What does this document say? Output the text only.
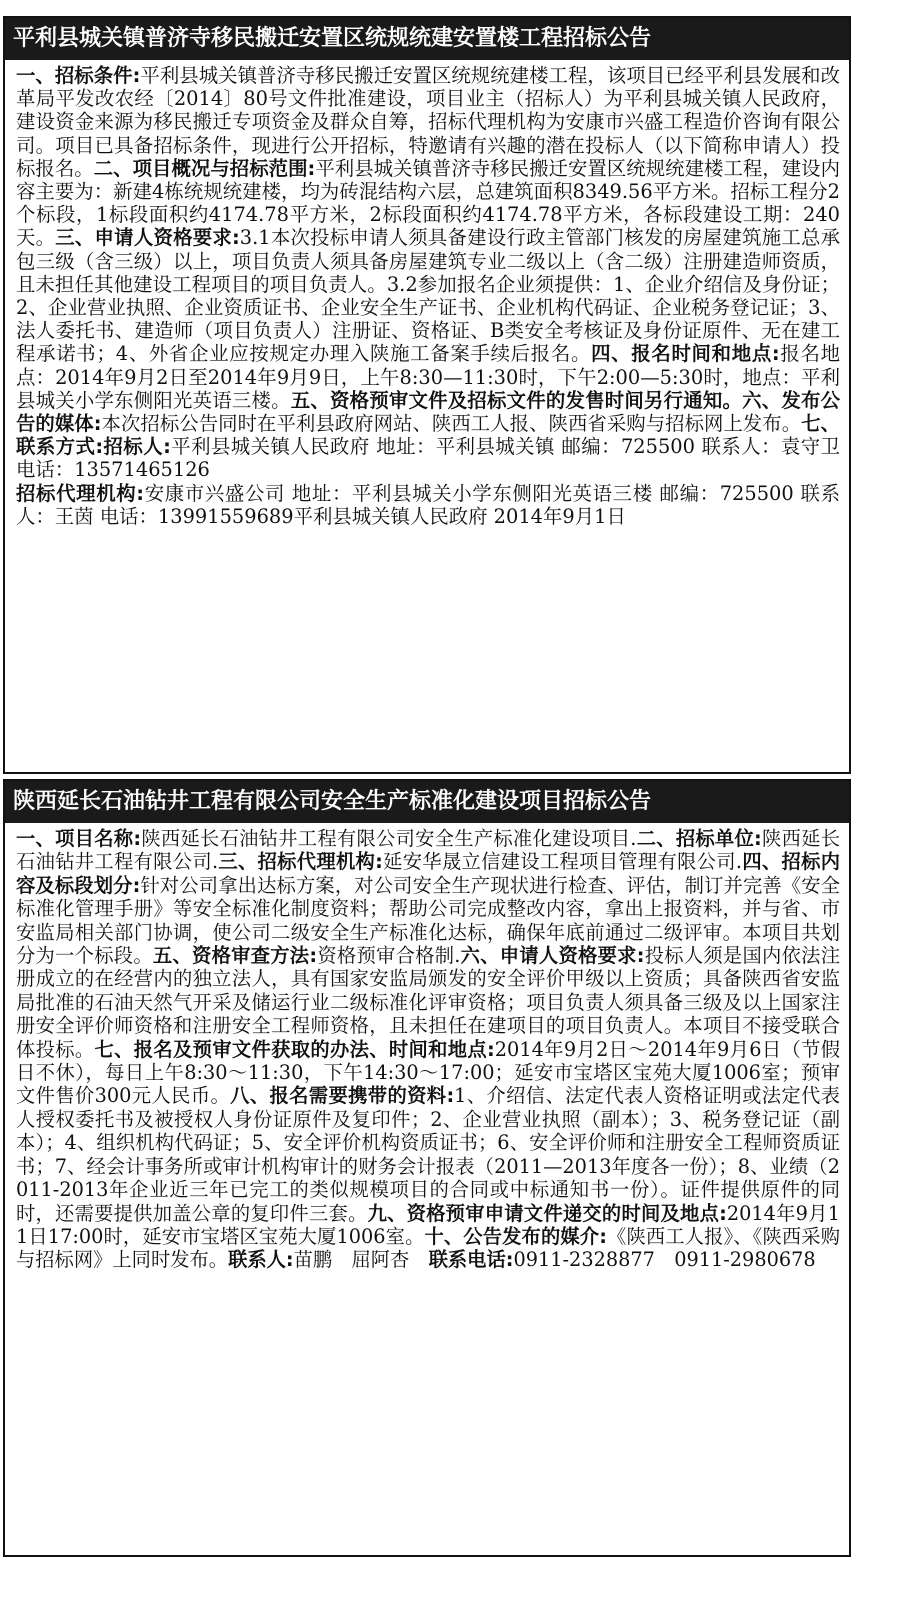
平利县城关镇普济寺移民搬迁安置区统规统建安置楼工程招标公告
一、招标条件:平利县城关镇普济寺移民搬迁安置区统规统建楼工程，该项目已经平利县发展和改革局平发改农经〔2014〕80号文件批准建设，项目业主（招标人）为平利县城关镇人民政府，建设资金来源为移民搬迁专项资金及群众自筹，招标代理机构为安康市兴盛工程造价咨询有限公司。项目已具备招标条件，现进行公开招标，特邀请有兴趣的潜在投标人（以下简称申请人）投标报名。二、项目概况与招标范围:平利县城关镇普济寺移民搬迁安置区统规统建楼工程，建设内容主要为：新建4栋统规统建楼，均为砖混结构六层，总建筑面积8349.56平方米。招标工程分2个标段，1标段面积约4174.78平方米，2标段面积约4174.78平方米，各标段建设工期：240天。三、申请人资格要求:3.1本次投标申请人须具备建设行政主管部门核发的房屋建筑施工总承包三级（含三级）以上，项目负责人须具备房屋建筑专业二级以上（含二级）注册建造师资质，且未担任其他建设工程项目的项目负责人。3.2参加报名企业须提供：1、企业介绍信及身份证；2、企业营业执照、企业资质证书、企业安全生产证书、企业机构代码证、企业税务登记证；3、法人委托书、建造师（项目负责人）注册证、资格证、B类安全考核证及身份证原件、无在建工程承诺书；4、外省企业应按规定办理入陕施工备案手续后报名。四、报名时间和地点:报名地点：2014年9月2日至2014年9月9日，上午8:30—11:30时，下午2:00—5:30时，地点：平利县城关小学东侧阳光英语三楼。五、资格预审文件及招标文件的发售时间另行通知。六、发布公告的媒体:本次招标公告同时在平利县政府网站、陕西工人报、陕西省采购与招标网上发布。七、联系方式:招标人:平利县城关镇人民政府 地址：平利县城关镇 邮编：725500 联系人：袁守卫 电话：13571465126
招标代理机构:安康市兴盛公司 地址：平利县城关小学东侧阳光英语三楼 邮编：725500 联系人：王茵 电话：13991559689平利县城关镇人民政府 2014年9月1日
陕西延长石油钻井工程有限公司安全生产标准化建设项目招标公告
一、项目名称:陕西延长石油钻井工程有限公司安全生产标准化建设项目.二、招标单位:陕西延长石油钻井工程有限公司.三、招标代理机构:延安华晟立信建设工程项目管理有限公司.四、招标内容及标段划分:针对公司拿出达标方案，对公司安全生产现状进行检查、评估，制订并完善《安全标准化管理手册》等安全标准化制度资料；帮助公司完成整改内容，拿出上报资料，并与省、市安监局相关部门协调，使公司二级安全生产标准化达标，确保年底前通过二级评审。本项目共划分为一个标段。五、资格审查方法:资格预审合格制.六、申请人资格要求:投标人须是国内依法注册成立的在经营内的独立法人，具有国家安监局颁发的安全评价甲级以上资质；具备陕西省安监局批准的石油天然气开采及储运行业二级标准化评审资格；项目负责人须具备三级及以上国家注册安全评价师资格和注册安全工程师资格，且未担任在建项目的项目负责人。本项目不接受联合体投标。七、报名及预审文件获取的办法、时间和地点:2014年9月2日～2014年9月6日（节假日不休），每日上午8:30～11:30，下午14:30～17:00；延安市宝塔区宝苑大厦1006室；预审文件售价300元人民币。八、报名需要携带的资料:1、介绍信、法定代表人资格证明或法定代表人授权委托书及被授权人身份证原件及复印件；2、企业营业执照（副本）；3、税务登记证（副本）；4、组织机构代码证；5、安全评价机构资质证书；6、安全评价师和注册安全工程师资质证书；7、经会计事务所或审计机构审计的财务会计报表（2011—2013年度各一份）；8、业绩（2011-2013年企业近三年已完工的类似规模项目的合同或中标通知书一份）。证件提供原件的同时，还需要提供加盖公章的复印件三套。九、资格预审申请文件递交的时间及地点:2014年9月11日17:00时，延安市宝塔区宝苑大厦1006室。十、公告发布的媒介:《陕西工人报》、《陕西采购与招标网》上同时发布。联系人:苗鹏　屈阿杏　 联系电话:0911-2328877　0911-2980678
